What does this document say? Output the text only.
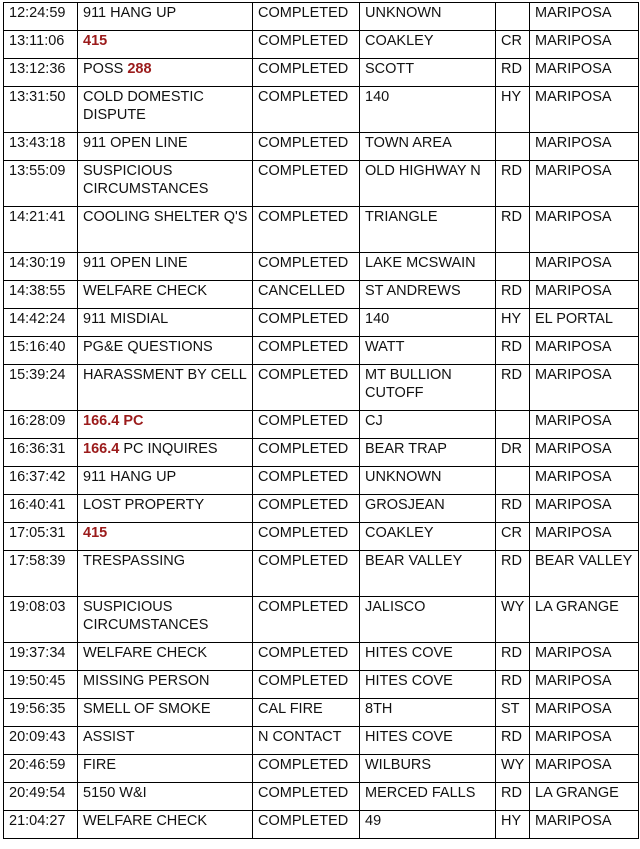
12:24:59	911 HANG UP	COMPLETED	UNKNOWN		MARIPOSA
13:11:06	415	COMPLETED	COAKLEY	CR	MARIPOSA
13:12:36	POSS 288	COMPLETED	SCOTT	RD	MARIPOSA
13:31:50	COLD DOMESTIC DISPUTE	COMPLETED	140	HY	MARIPOSA
13:43:18	911 OPEN LINE	COMPLETED	TOWN AREA		MARIPOSA
13:55:09	SUSPICIOUS CIRCUMSTANCES	COMPLETED	OLD HIGHWAY N	RD	MARIPOSA
14:21:41	COOLING SHELTER Q'S	COMPLETED	TRIANGLE	RD	MARIPOSA
14:30:19	911 OPEN LINE	COMPLETED	LAKE MCSWAIN		MARIPOSA
14:38:55	WELFARE CHECK	CANCELLED	ST ANDREWS	RD	MARIPOSA
14:42:24	911 MISDIAL	COMPLETED	140	HY	EL PORTAL
15:16:40	PG&E QUESTIONS	COMPLETED	WATT	RD	MARIPOSA
15:39:24	HARASSMENT BY CELL	COMPLETED	MT BULLION CUTOFF	RD	MARIPOSA
16:28:09	166.4 PC	COMPLETED	CJ		MARIPOSA
16:36:31	166.4 PC INQUIRES	COMPLETED	BEAR TRAP	DR	MARIPOSA
16:37:42	911 HANG UP	COMPLETED	UNKNOWN		MARIPOSA
16:40:41	LOST PROPERTY	COMPLETED	GROSJEAN	RD	MARIPOSA
17:05:31	415	COMPLETED	COAKLEY	CR	MARIPOSA
17:58:39	TRESPASSING	COMPLETED	BEAR VALLEY	RD	BEAR VALLEY
19:08:03	SUSPICIOUS CIRCUMSTANCES	COMPLETED	JALISCO	WY	LA GRANGE
19:37:34	WELFARE CHECK	COMPLETED	HITES COVE	RD	MARIPOSA
19:50:45	MISSING PERSON	COMPLETED	HITES COVE	RD	MARIPOSA
19:56:35	SMELL OF SMOKE	CAL FIRE	8TH	ST	MARIPOSA
20:09:43	ASSIST	N CONTACT	HITES COVE	RD	MARIPOSA
20:46:59	FIRE	COMPLETED	WILBURS	WY	MARIPOSA
20:49:54	5150 W&I	COMPLETED	MERCED FALLS	RD	LA GRANGE
21:04:27	WELFARE CHECK	COMPLETED	49	HY	MARIPOSA
